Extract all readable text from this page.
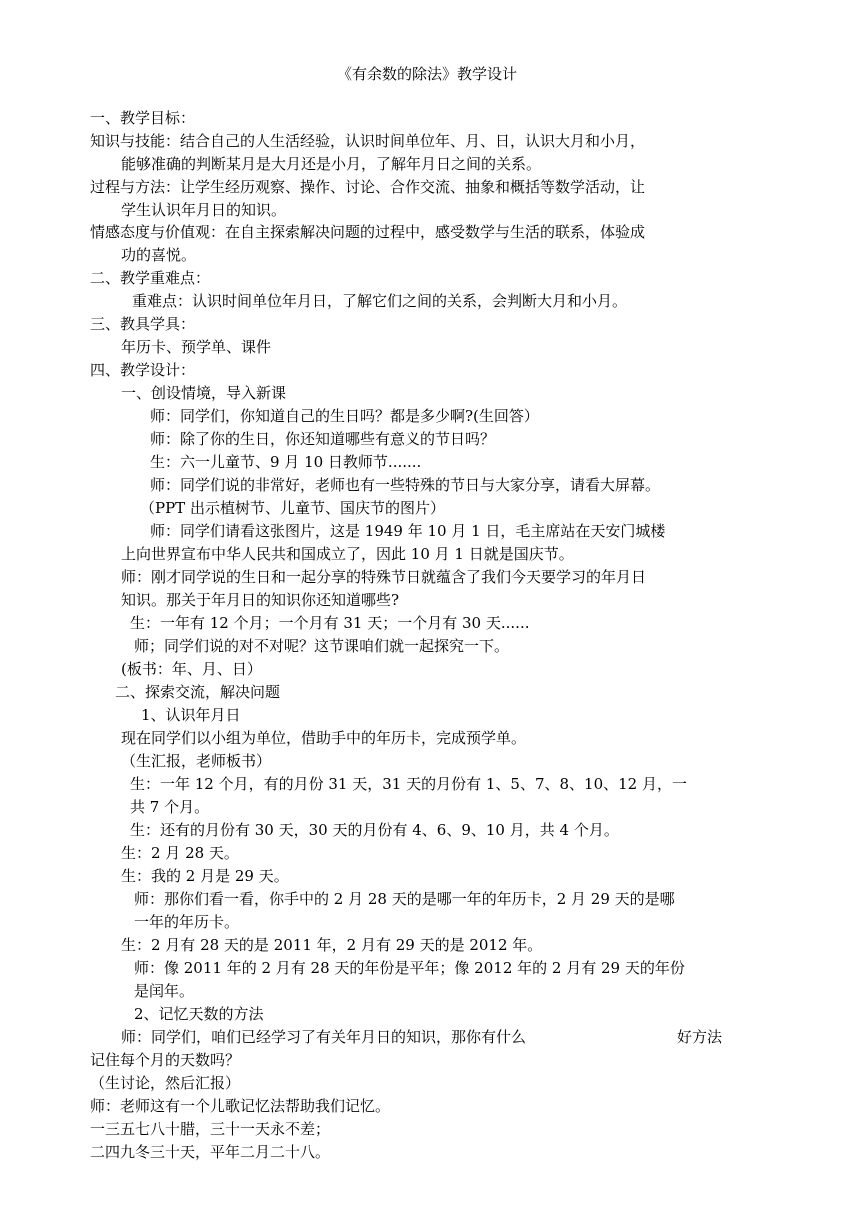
《有余数的除法》教学设计
一、教学目标：
知识与技能：结合自己的人生活经验，认识时间单位年、月、日，认识大月和小月，
能够准确的判断某月是大月还是小月，了解年月日之间的关系。
过程与方法：让学生经历观察、操作、讨论、合作交流、抽象和概括等数学活动，让
学生认识年月日的知识。
情感态度与价值观：在自主探索解决问题的过程中，感受数学与生活的联系，体验成
功的喜悦。
二、教学重难点：
重难点：认识时间单位年月日，了解它们之间的关系，会判断大月和小月。
三、教具学具：
年历卡、预学单、课件
四、教学设计：
一、创设情境，导入新课
师：同学们，你知道自己的生日吗？都是多少啊?(生回答）
师：除了你的生日，你还知道哪些有意义的节日吗？
生：六一儿童节、9 月 10 日教师节.......
师：同学们说的非常好，老师也有一些特殊的节日与大家分享，请看大屏幕。
（PPT 出示植树节、儿童节、国庆节的图片）
师：同学们请看这张图片，这是 1949 年 10 月 1 日，毛主席站在天安门城楼
上向世界宣布中华人民共和国成立了，因此 10 月 1 日就是国庆节。
师：刚才同学说的生日和一起分享的特殊节日就蕴含了我们今天要学习的年月日
知识。那关于年月日的知识你还知道哪些?
生：一年有 12 个月；一个月有 31 天；一个月有 30 天......
师；同学们说的对不对呢？这节课咱们就一起探究一下。
(板书：年、月、日）
二、探索交流，解决问题
1、认识年月日
现在同学们以小组为单位，借助手中的年历卡，完成预学单。
（生汇报，老师板书）
生：一年 12 个月，有的月份 31 天，31 天的月份有 1、5、7、8、10、12 月，一
共 7 个月。
生：还有的月份有 30 天，30 天的月份有 4、6、9、10 月，共 4 个月。
生：2 月 28 天。
生：我的 2 月是 29 天。
师：那你们看一看，你手中的 2 月 28 天的是哪一年的年历卡，2 月 29 天的是哪
一年的年历卡。
生：2 月有 28 天的是 2011 年，2 月有 29 天的是 2012 年。
师：像 2011 年的 2 月有 28 天的年份是平年；像 2012 年的 2 月有 29 天的年份
是闰年。
2、记忆天数的方法
师：同学们，咱们已经学习了有关年月日的知识，那你有什么	好方法
记住每个月的天数吗？
（生讨论，然后汇报）
师：老师这有一个儿歌记忆法帮助我们记忆。
一三五七八十腊，三十一天永不差；
二四九冬三十天，平年二月二十八。
